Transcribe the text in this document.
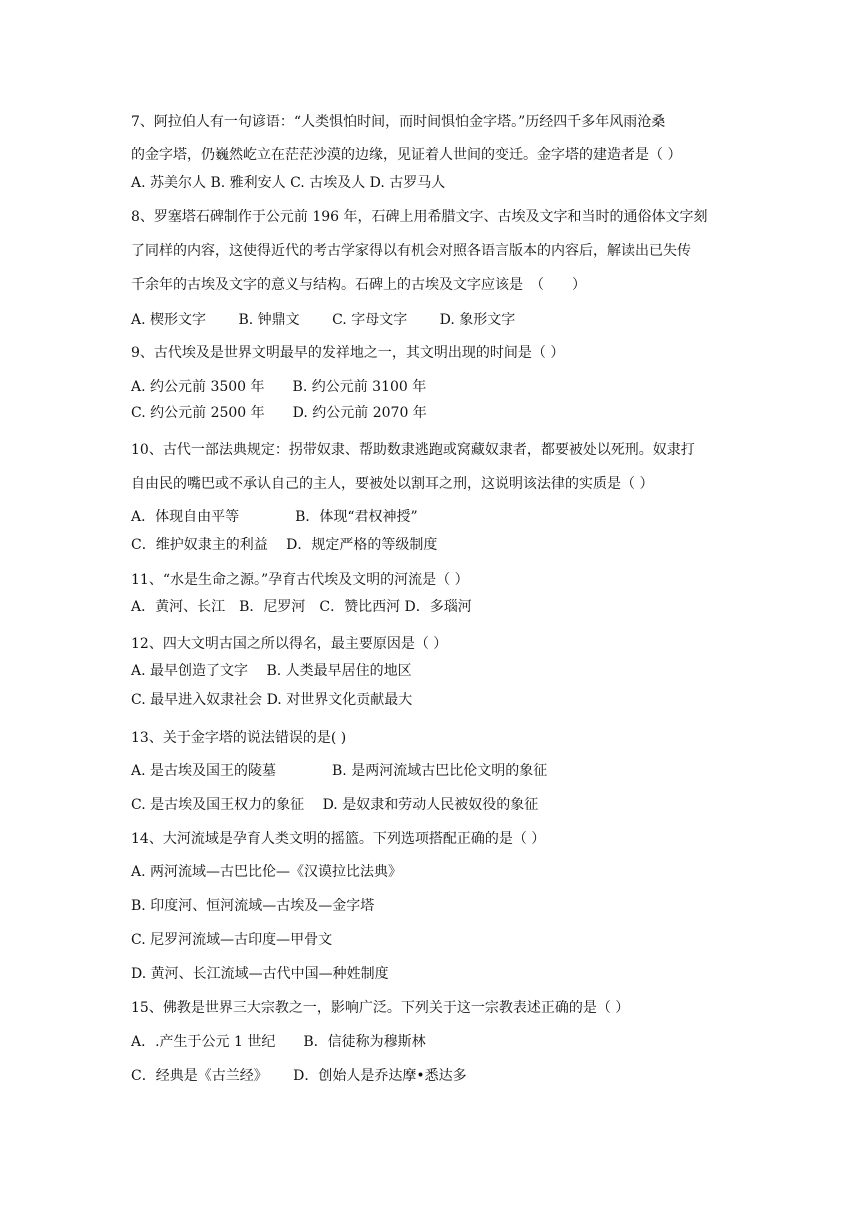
7、阿拉伯人有一句谚语：“人类惧怕时间，而时间惧怕金字塔。”历经四千多年风雨沧桑
的金字塔，仍巍然屹立在茫茫沙漠的边缘，见证着人世间的变迁。金字塔的建造者是（ ）
A. 苏美尔人 B. 雅利安人 C. 古埃及人 D. 古罗马人
8、罗塞塔石碑制作于公元前 196 年，石碑上用希腊文字、古埃及文字和当时的通俗体文字刻
了同样的内容，这使得近代的考古学家得以有机会对照各语言版本的内容后，解读出已失传
千余年的古埃及文字的意义与结构。石碑上的古埃及文字应该是　（　　）
A. 楔形文字　　 B. 钟鼎文　　 C. 字母文字　　 D. 象形文字
9、古代埃及是世界文明最早的发祥地之一，其文明出现的时间是（ ）
A. 约公元前 3500 年　　B. 约公元前 3100 年
C. 约公元前 2500 年　　D. 约公元前 2070 年
10、古代一部法典规定：拐带奴隶、帮助数隶逃跑或窝藏奴隶者，都要被处以死刑。奴隶打
自由民的嘴巴或不承认自己的主人，要被处以割耳之刑，这说明该法律的实质是（ ）
A．体现自由平等　　　　B．体现“君权神授”
C．维护奴隶主的利益　 D．规定严格的等级制度
11、“水是生命之源。”孕育古代埃及文明的河流是（ ）
A．黄河、长江　B．尼罗河　C．赞比西河 D．多瑙河
12、四大文明古国之所以得名，最主要原因是（ ）
A. 最早创造了文字　 B. 人类最早居住的地区
C. 最早进入奴隶社会 D. 对世界文化贡献最大
13、关于金字塔的说法错误的是( )
A. 是古埃及国王的陵墓　　　　B. 是两河流域古巴比伦文明的象征
C. 是古埃及国王权力的象征　 D. 是奴隶和劳动人民被奴役的象征
14、大河流域是孕育人类文明的摇篮。下列选项搭配正确的是（ ）
A. 两河流域—古巴比伦—《汉谟拉比法典》
B. 印度河、恒河流域—古埃及—金字塔
C. 尼罗河流域—古印度—甲骨文
D. 黄河、长江流域—古代中国—种姓制度
15、佛教是世界三大宗教之一，影响广泛。下列关于这一宗教表述正确的是（ ）
A．.产生于公元 1 世纪　　B．信徒称为穆斯林
C．经典是《古兰经》　　 D．创始人是乔达摩•悉达多
